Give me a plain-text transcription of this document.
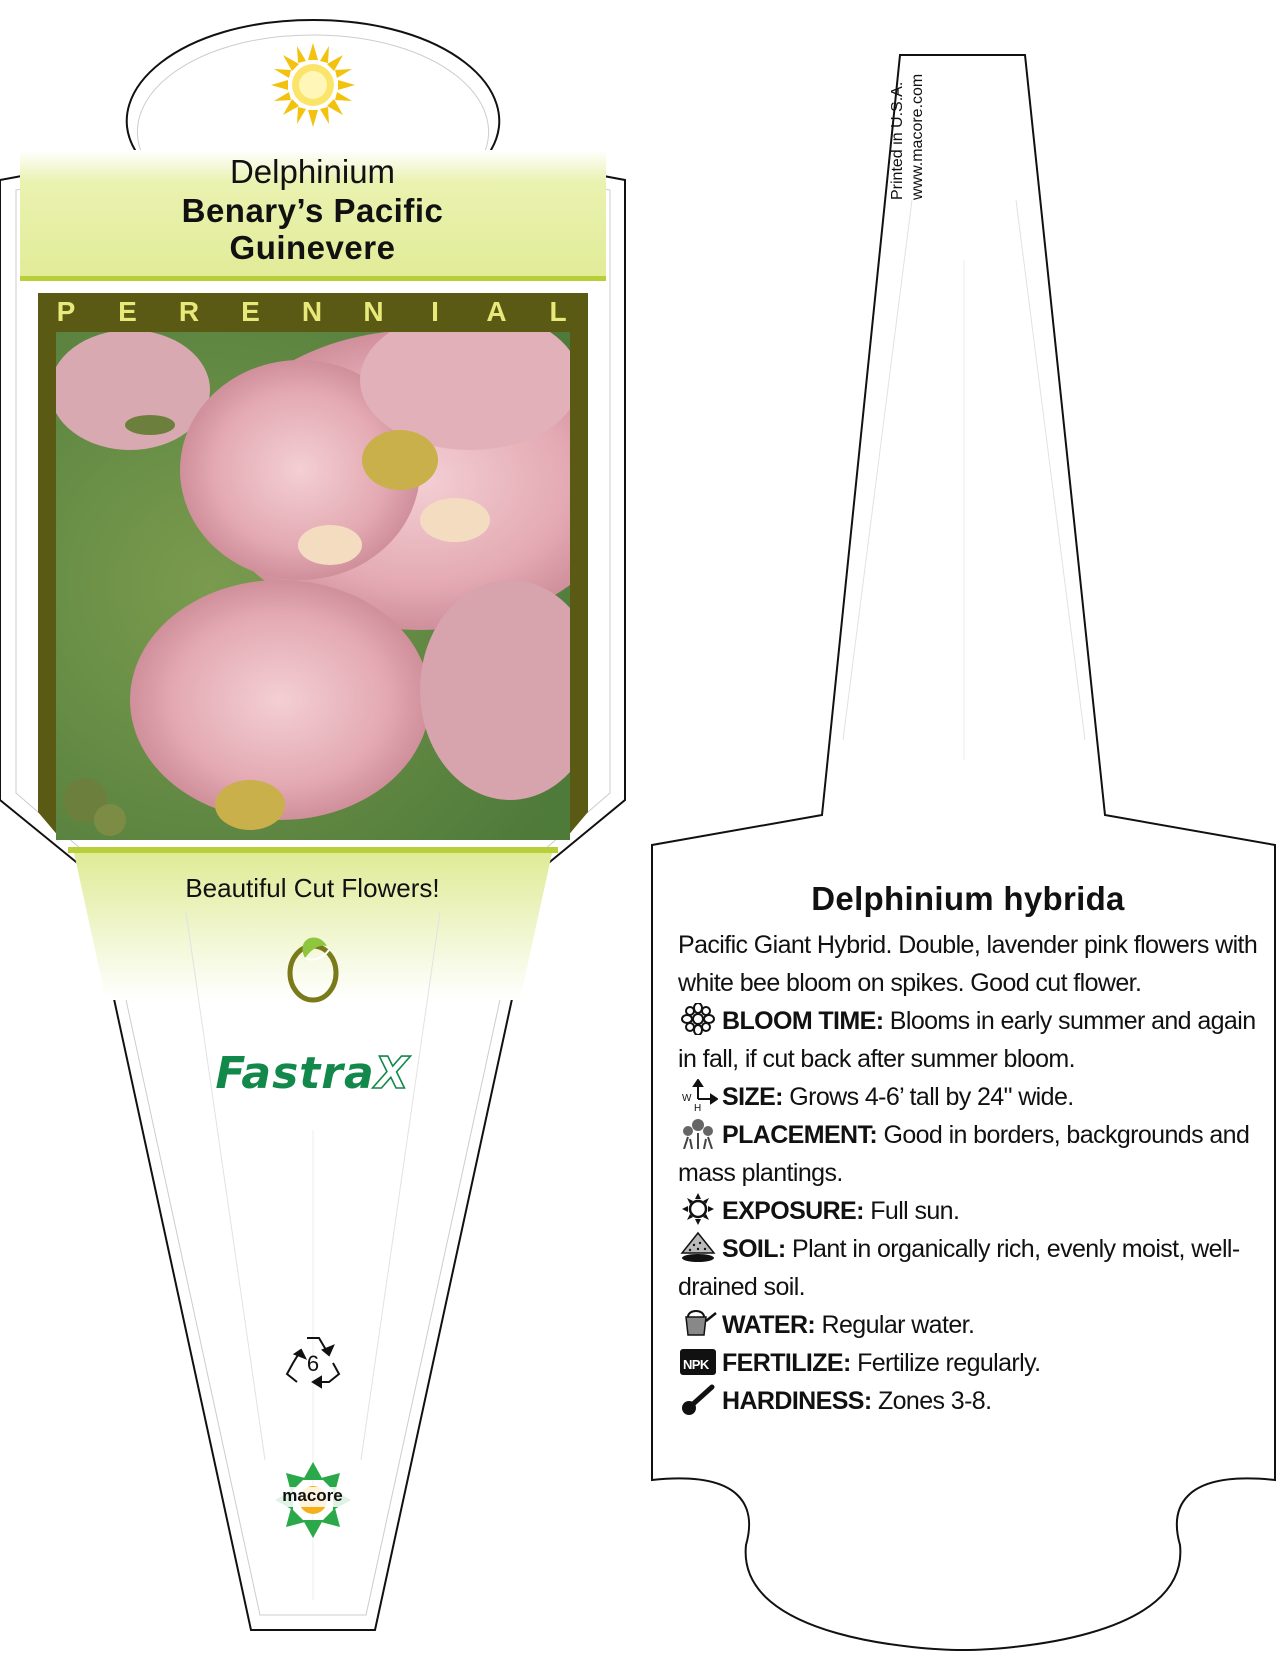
Delphinium
Benary’s Pacific
Guinevere
P E R E N N	I	A L
Beautiful Cut Flowers!
FastraX
6
macore
Printed in U.S.A. www.macore.com

Delphinium hybrida

Pacific Giant Hybrid. Double, lavender pink flowers with white bee bloom on spikes. Good cut flower.

BLOOM TIME: Blooms in early summer and again in fall, if cut back after summer bloom.

W
H SIZE: Grows 4-6’ tall by 24" wide.

PLACEMENT: Good in borders, backgrounds and mass plantings.

EXPOSURE: Full sun.

SOIL: Plant in organically rich, evenly moist, well-drained soil.

WATER: Regular water.

NPK FERTILIZE: Fertilize regularly.

HARDINESS: Zones 3-8.
